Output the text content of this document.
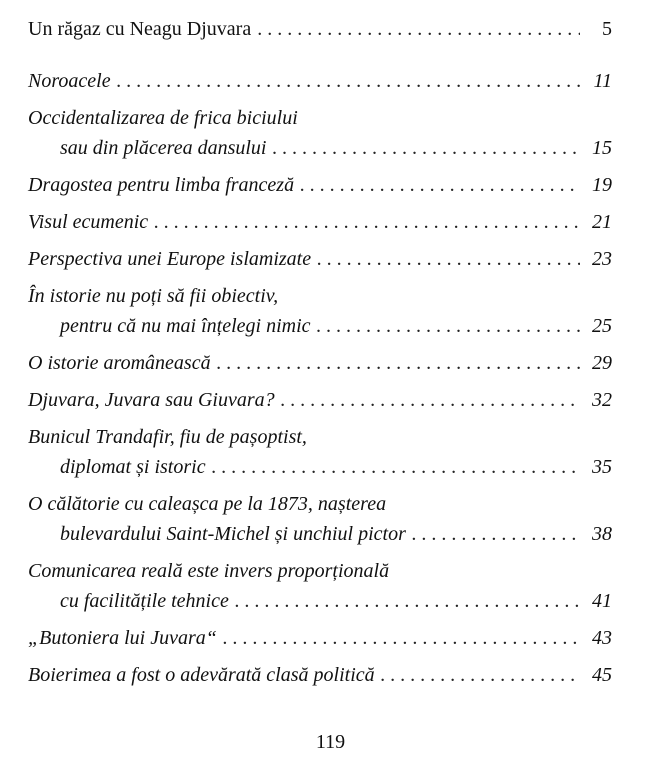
Un răgaz cu Neagu Djuvara . . .	5
Noroacele . . .	11
Occidentalizarea de frica biciului
sau din plăcerea dansului . . .	15
Dragostea pentru limba franceză . . .	19
Visul ecumenic . . .	21
Perspectiva unei Europe islamizate . . .	23
În istorie nu poți să fii obiectiv,
pentru că nu mai înțelegi nimic . . .	25
O istorie aromânească . . .	29
Djuvara, Juvara sau Giuvara? . . .	32
Bunicul Trandafir, fiu de pașoptist,
diplomat și istoric . . .	35
O călătorie cu caleașca pe la 1873, nașterea
bulevardului Saint-Michel și unchiul pictor . . .	38
Comunicarea reală este invers proporțională
cu facilitățile tehnice . . .	41
„Butoniera lui Juvara“ . . .	43
Boierimea a fost o adevărată clasă politică . . .	45
119
